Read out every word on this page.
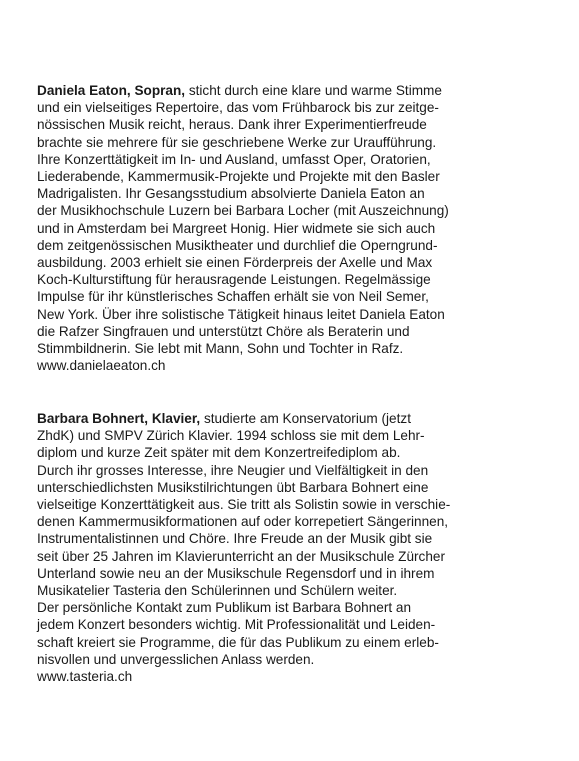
Daniela Eaton, Sopran, sticht durch eine klare und warme Stimme
und ein vielseitiges Repertoire, das vom Frühbarock bis zur zeitge-
nössischen Musik reicht, heraus. Dank ihrer Experimentierfreude
brachte sie mehrere für sie geschriebene Werke zur Uraufführung.
Ihre Konzerttätigkeit im In- und Ausland, umfasst Oper, Oratorien,
Liederabende, Kammermusik-Projekte und Projekte mit den Basler
Madrigalisten. Ihr Gesangsstudium absolvierte Daniela Eaton an
der Musikhochschule Luzern bei Barbara Locher (mit Auszeichnung)
und in Amsterdam bei Margreet Honig. Hier widmete sie sich auch
dem zeitgenössischen Musiktheater und durchlief die Operngrund-
ausbildung. 2003 erhielt sie einen Förderpreis der Axelle und Max
Koch-Kulturstiftung für herausragende Leistungen. Regelmässige
Impulse für ihr künstlerisches Schaffen erhält sie von Neil Semer,
New York. Über ihre solistische Tätigkeit hinaus leitet Daniela Eaton
die Rafzer Singfrauen und unterstützt Chöre als Beraterin und
Stimmbildnerin. Sie lebt mit Mann, Sohn und Tochter in Rafz.
www.danielaeaton.ch
Barbara Bohnert, Klavier, studierte am Konservatorium (jetzt
ZhdK) und SMPV Zürich Klavier. 1994 schloss sie mit dem Lehr-
diplom und kurze Zeit später mit dem Konzertreifediplom ab.
Durch ihr grosses Interesse, ihre Neugier und Vielfältigkeit in den
unterschiedlichsten Musikstilrichtungen übt Barbara Bohnert eine
vielseitige Konzerttätigkeit aus. Sie tritt als Solistin sowie in verschie-
denen Kammermusikformationen auf oder korrepetiert Sängerinnen,
Instrumentalistinnen und Chöre. Ihre Freude an der Musik gibt sie
seit über 25 Jahren im Klavierunterricht an der Musikschule Zürcher
Unterland sowie neu an der Musikschule Regensdorf und in ihrem
Musikatelier Tasteria den Schülerinnen und Schülern weiter.
Der persönliche Kontakt zum Publikum ist Barbara Bohnert an
jedem Konzert besonders wichtig. Mit Professionalität und Leiden-
schaft kreiert sie Programme, die für das Publikum zu einem erleb-
nisvollen und unvergesslichen Anlass werden.
www.tasteria.ch
